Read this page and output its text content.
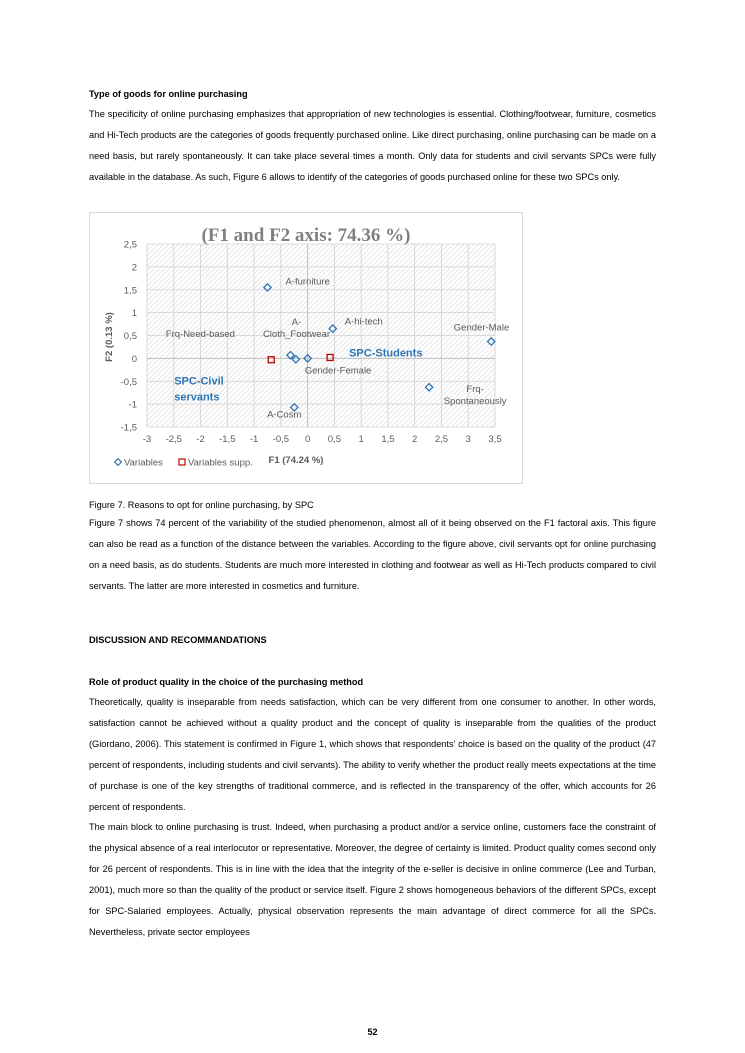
Type of goods for online purchasing

The specificity of online purchasing emphasizes that appropriation of new technologies is essential. Clothing/footwear, furniture, cosmetics and Hi-Tech products are the categories of goods frequently purchased online. Like direct purchasing, online purchasing can be made on a need basis, but rarely spontaneously. It can take place several times a month. Only data for students and civil servants SPCs were fully available in the database. As such, Figure 6 allows to identify of the categories of goods purchased online for these two SPCs only.

-3 -2,5 -2 -1,5 -1 -0,5 0 0,5 1 1,5 2 2,5 3 3,5
-1,5
-1
-0,5
0
0,5
1
1,5
2
2,5	(F1 and F2 axis: 74.36 %)
F1 (74.24 %)
F2 (0.13 %)
A-furniture
A-hi-tech
A-
Cloth_Footwear
A-Cosm
Gender-Male
Frq-
Spontaneously
Gender-Female
Frq-Need-based
SPC-Civil
servants
SPC-Students
Variables	Variables supp.
Figure 7. Reasons to opt for online purchasing, by SPC

Figure 7 shows 74 percent of the variability of the studied phenomenon, almost all of it being observed on the F1 factoral axis. This figure can also be read as a function of the distance between the variables. According to the figure above, civil servants opt for online purchasing on a need basis, as do students. Students are much more interested in clothing and footwear as well as Hi-Tech products compared to civil servants. The latter are more interested in cosmetics and furniture.

DISCUSSION AND RECOMMANDATIONS
Role of product quality in the choice of the purchasing method

Theoretically, quality is inseparable from needs satisfaction, which can be very different from one consumer to another. In other words, satisfaction cannot be achieved without a quality product and the concept of quality is inseparable from the qualities of the product (Giordano, 2006). This statement is confirmed in Figure 1, which shows that respondents’ choice is based on the quality of the product (47 percent of respondents, including students and civil servants). The ability to verify whether the product really meets expectations at the time of purchase is one of the key strengths of traditional commerce, and is reflected in the transparency of the offer, which accounts for 26 percent of respondents.

The main block to online purchasing is trust. Indeed, when purchasing a product and/or a service online, customers face the constraint of the physical absence of a real interlocutor or representative. Moreover, the degree of certainty is limited. Product quality comes second only for 26 percent of respondents. This is in line with the idea that the integrity of the e-seller is decisive in online commerce (Lee and Turban, 2001), much more so than the quality of the product or service itself. Figure 2 shows homogeneous behaviors of the different SPCs, except for SPC-Salaried employees. Actually, physical observation represents the main advantage of direct commerce for all the SPCs. Nevertheless, private sector employees

52
